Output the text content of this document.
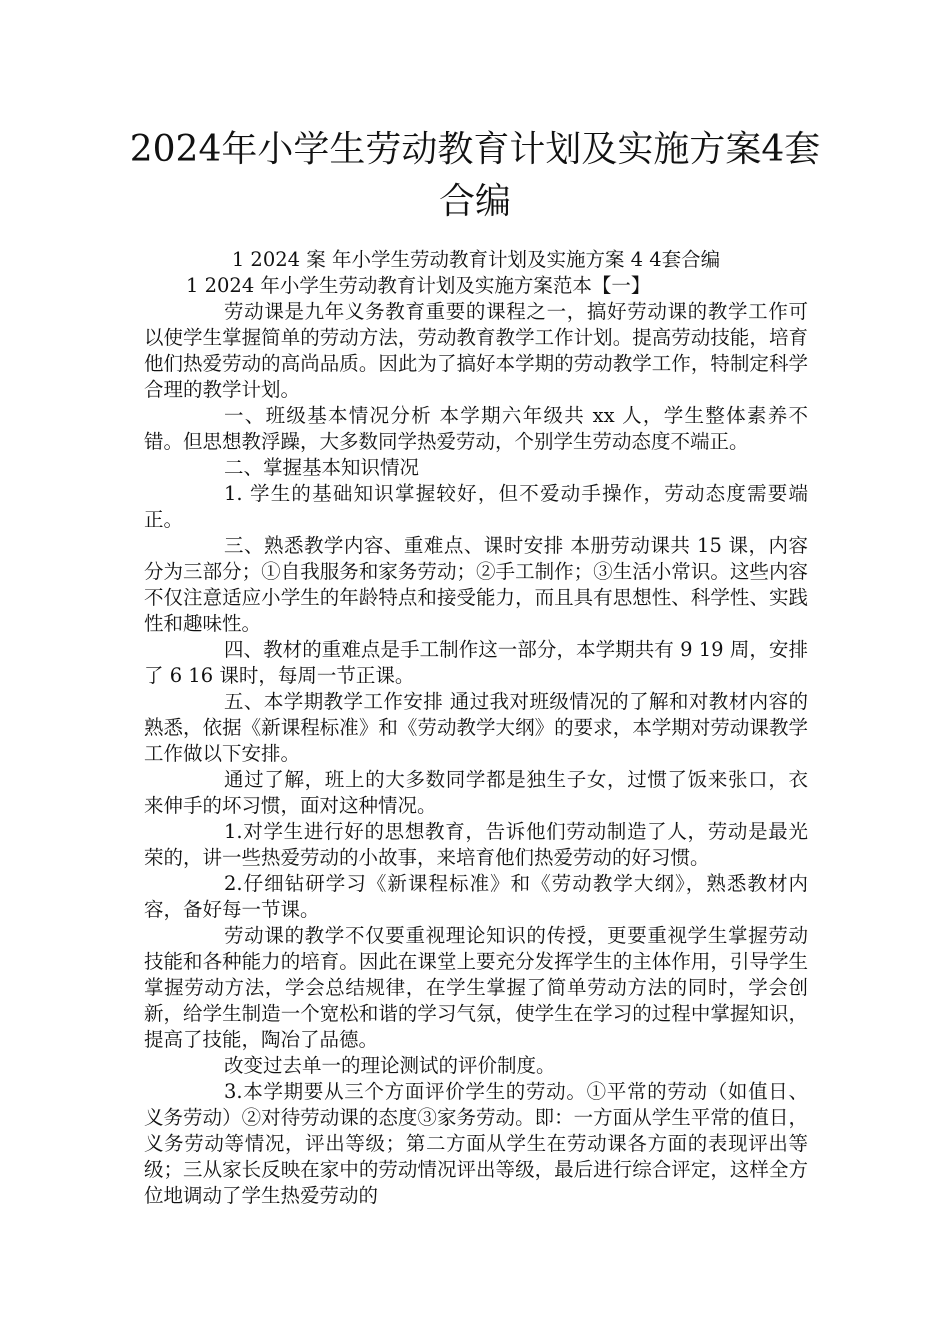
2024年小学生劳动教育计划及实施方案4套合编

1 2024 案 年小学生劳动教育计划及实施方案 4 4套合编

1 2024 年小学生劳动教育计划及实施方案范本【一】

劳动课是九年义务教育重要的课程之一，搞好劳动课的教学工作可以使学生掌握简单的劳动方法，劳动教育教学工作计划。提高劳动技能，培育他们热爱劳动的高尚品质。因此为了搞好本学期的劳动教学工作，特制定科学合理的教学计划。

一、班级基本情况分析 本学期六年级共 xx 人，学生整体素养不错。但思想教浮躁，大多数同学热爱劳动，个别学生劳动态度不端正。

二、掌握基本知识情况

1. 学生的基础知识掌握较好，但不爱动手操作，劳动态度需要端正。

三、熟悉教学内容、重难点、课时安排 本册劳动课共 15 课，内容分为三部分；①自我服务和家务劳动；②手工制作；③生活小常识。这些内容不仅注意适应小学生的年龄特点和接受能力，而且具有思想性、科学性、实践性和趣味性。

四、教材的重难点是手工制作这一部分，本学期共有 9 19 周，安排了 6 16 课时，每周一节正课。

五、本学期教学工作安排 通过我对班级情况的了解和对教材内容的熟悉，依据《新课程标准》和《劳动教学大纲》的要求，本学期对劳动课教学工作做以下安排。

通过了解，班上的大多数同学都是独生子女，过惯了饭来张口，衣来伸手的坏习惯，面对这种情况。

1.对学生进行好的思想教育，告诉他们劳动制造了人，劳动是最光荣的，讲一些热爱劳动的小故事，来培育他们热爱劳动的好习惯。

2.仔细钻研学习《新课程标准》和《劳动教学大纲》，熟悉教材内容，备好每一节课。

劳动课的教学不仅要重视理论知识的传授，更要重视学生掌握劳动技能和各种能力的培育。因此在课堂上要充分发挥学生的主体作用，引导学生掌握劳动方法，学会总结规律，在学生掌握了简单劳动方法的同时，学会创新，给学生制造一个宽松和谐的学习气氛，使学生在学习的过程中掌握知识，提高了技能，陶冶了品德。

改变过去单一的理论测试的评价制度。

3.本学期要从三个方面评价学生的劳动。①平常的劳动（如值日、义务劳动）②对待劳动课的态度③家务劳动。即：一方面从学生平常的值日，义务劳动等情况，评出等级；第二方面从学生在劳动课各方面的表现评出等级；三从家长反映在家中的劳动情况评出等级，最后进行综合评定，这样全方位地调动了学生热爱劳动的
